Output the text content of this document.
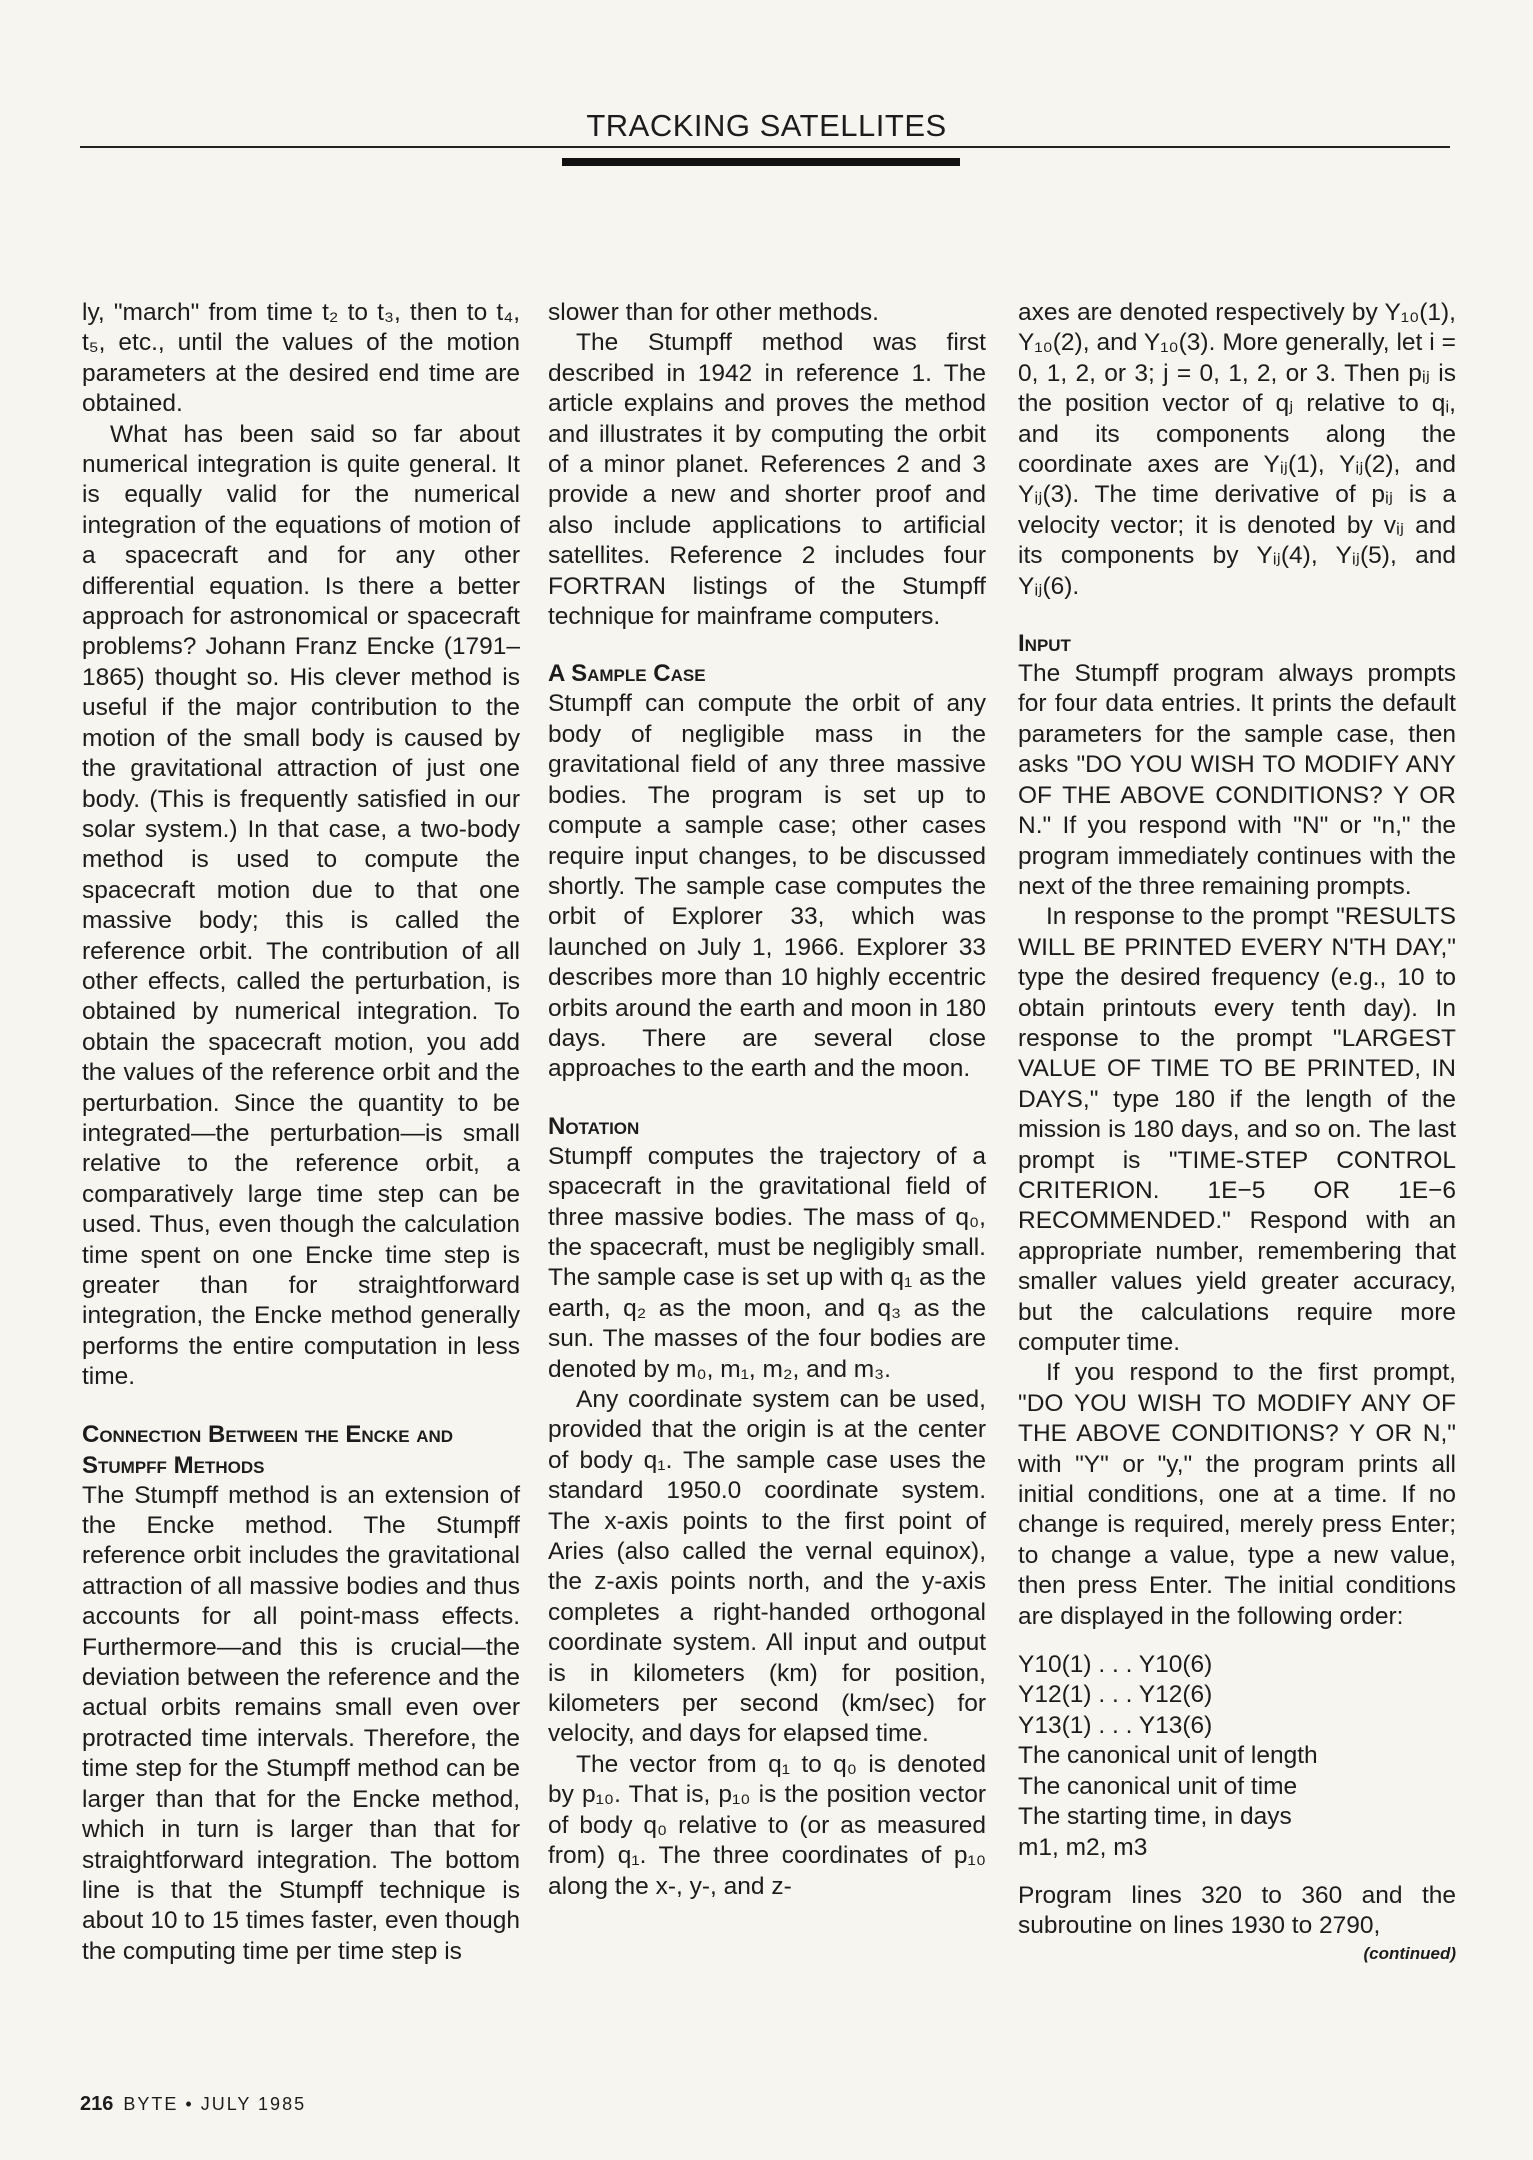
TRACKING SATELLITES

ly, "march" from time t₂ to t₃, then to t₄, t₅, etc., until the values of the motion parameters at the desired end time are obtained.

What has been said so far about numerical integration is quite general. It is equally valid for the numerical integration of the equations of motion of a spacecraft and for any other differential equation. Is there a better approach for astronomical or spacecraft problems? Johann Franz Encke (1791–1865) thought so. His clever method is useful if the major contribution to the motion of the small body is caused by the gravitational attraction of just one body. (This is frequently satisfied in our solar system.) In that case, a two-body method is used to compute the spacecraft motion due to that one massive body; this is called the reference orbit. The contribution of all other effects, called the perturbation, is obtained by numerical integration. To obtain the spacecraft motion, you add the values of the reference orbit and the perturbation. Since the quantity to be integrated—the perturbation—is small relative to the reference orbit, a comparatively large time step can be used. Thus, even though the calculation time spent on one Encke time step is greater than for straightforward integration, the Encke method generally performs the entire computation in less time.

Connection Between the Encke and Stumpff Methods

The Stumpff method is an extension of the Encke method. The Stumpff reference orbit includes the gravitational attraction of all massive bodies and thus accounts for all point-mass effects. Furthermore—and this is crucial—the deviation between the reference and the actual orbits remains small even over protracted time intervals. Therefore, the time step for the Stumpff method can be larger than that for the Encke method, which in turn is larger than that for straightforward integration. The bottom line is that the Stumpff technique is about 10 to 15 times faster, even though the computing time per time step is

slower than for other methods.

The Stumpff method was first described in 1942 in reference 1. The article explains and proves the method and illustrates it by computing the orbit of a minor planet. References 2 and 3 provide a new and shorter proof and also include applications to artificial satellites. Reference 2 includes four FORTRAN listings of the Stumpff technique for mainframe computers.

A Sample Case

Stumpff can compute the orbit of any body of negligible mass in the gravitational field of any three massive bodies. The program is set up to compute a sample case; other cases require input changes, to be discussed shortly. The sample case computes the orbit of Explorer 33, which was launched on July 1, 1966. Explorer 33 describes more than 10 highly eccentric orbits around the earth and moon in 180 days. There are several close approaches to the earth and the moon.

Notation

Stumpff computes the trajectory of a spacecraft in the gravitational field of three massive bodies. The mass of q₀, the spacecraft, must be negligibly small. The sample case is set up with q₁ as the earth, q₂ as the moon, and q₃ as the sun. The masses of the four bodies are denoted by m₀, m₁, m₂, and m₃.

Any coordinate system can be used, provided that the origin is at the center of body q₁. The sample case uses the standard 1950.0 coordinate system. The x-axis points to the first point of Aries (also called the vernal equinox), the z-axis points north, and the y-axis completes a right-handed orthogonal coordinate system. All input and output is in kilometers (km) for position, kilometers per second (km/sec) for velocity, and days for elapsed time.

The vector from q₁ to q₀ is denoted by p₁₀. That is, p₁₀ is the position vector of body q₀ relative to (or as measured from) q₁. The three coordinates of p₁₀ along the x-, y-, and z-

axes are denoted respectively by Y₁₀(1), Y₁₀(2), and Y₁₀(3). More generally, let i = 0, 1, 2, or 3; j = 0, 1, 2, or 3. Then pᵢⱼ is the position vector of qⱼ relative to qᵢ, and its components along the coordinate axes are Yᵢⱼ(1), Yᵢⱼ(2), and Yᵢⱼ(3). The time derivative of pᵢⱼ is a velocity vector; it is denoted by vᵢⱼ and its components by Yᵢⱼ(4), Yᵢⱼ(5), and Yᵢⱼ(6).

Input

The Stumpff program always prompts for four data entries. It prints the default parameters for the sample case, then asks "DO YOU WISH TO MODIFY ANY OF THE ABOVE CONDITIONS? Y OR N." If you respond with "N" or "n," the program immediately continues with the next of the three remaining prompts.

In response to the prompt "RESULTS WILL BE PRINTED EVERY N'TH DAY," type the desired frequency (e.g., 10 to obtain printouts every tenth day). In response to the prompt "LARGEST VALUE OF TIME TO BE PRINTED, IN DAYS," type 180 if the length of the mission is 180 days, and so on. The last prompt is "TIME-STEP CONTROL CRITERION. 1E−5 OR 1E−6 RECOMMENDED." Respond with an appropriate number, remembering that smaller values yield greater accuracy, but the calculations require more computer time.

If you respond to the first prompt, "DO YOU WISH TO MODIFY ANY OF THE ABOVE CONDITIONS? Y OR N," with "Y" or "y," the program prints all initial conditions, one at a time. If no change is required, merely press Enter; to change a value, type a new value, then press Enter. The initial conditions are displayed in the following order:

Y10(1) . . . Y10(6)
Y12(1) . . . Y12(6)
Y13(1) . . . Y13(6)
The canonical unit of length
The canonical unit of time
The starting time, in days
m1, m2, m3

Program lines 320 to 360 and the subroutine on lines 1930 to 2790,

(continued)
216 BYTE • JULY 1985
